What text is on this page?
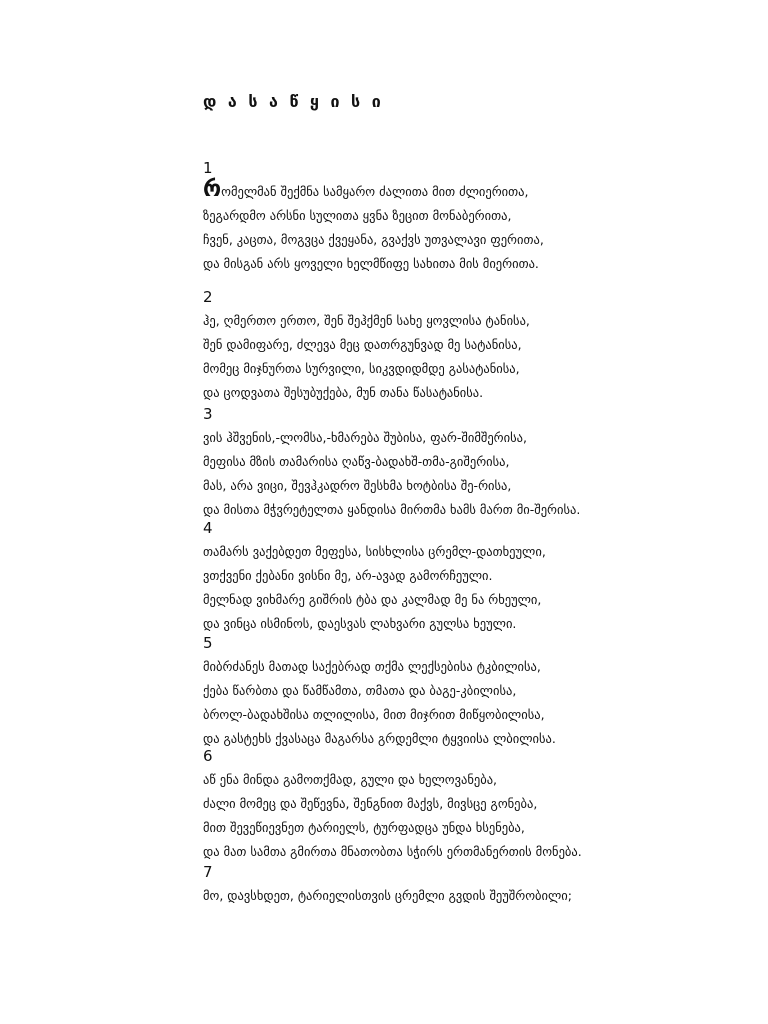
დ ა ს ა წ ყ ი ს ი
1
რომელმან შექმნა სამყარო ძალითა მით ძლიერითა,
ზეგარდმო არსნი სულითა ყვნა ზეცით მონაბერითა,
ჩვენ, კაცთა, მოგვცა ქვეყანა, გვაქვს უთვალავი ფერითა,
და მისგან არს ყოველი ხელმწიფე სახითა მის მიერითა.
2
ჰე, ღმერთო ერთო, შენ შეჰქმენ სახე ყოვლისა ტანისა,
შენ დამიფარე, ძლევა მეც დათრგუნვად მე სატანისა,
მომეც მიჯნურთა სურვილი, სიკვდიდმდე გასატანისა,
და ცოდვათა შესუბუქება, მუნ თანა წასატანისა.
3
ვის ჰშვენის,-ლომსა,-ხმარება შუბისა, ფარ-შიმშერისა,
მეფისა მზის თამარისა ღაწვ-ბადახშ-თმა-გიშერისა,
მას, არა ვიცი, შევჰკადრო შესხმა ხოტბისა შე-რისა,
და მისთა მჭვრეტელთა ყანდისა მირთმა ხამს მართ მი-შერისა.
4
თამარს ვაქებდეთ მეფესა, სისხლისა ცრემლ-დათხეული,
ვთქვენი ქებანი ვისნი მე, არ-ავად გამორჩეული.
მელნად ვიხმარე გიშრის ტბა და კალმად მე ნა რხეული,
და ვინცა ისმინოს, დაესვას ლახვარი გულსა ხეული.
5
მიბრძანეს მათად საქებრად თქმა ლექსებისა ტკბილისა,
ქება წარბთა და წამწამთა, თმათა და ბაგე-კბილისა,
ბროლ-ბადახშისა თლილისა, მით მიჯრით მიწყობილისა,
და გასტეხს ქვასაცა მაგარსა გრდემლი ტყვიისა ლბილისა.
6
აწ ენა მინდა გამოთქმად, გული და ხელოვანება,
ძალი მომეც და შეწევნა, შენგნით მაქვს, მივსცე გონება,
მით შევეწიევნეთ ტარიელს, ტურფადცა უნდა ხსენება,
და მათ სამთა გმირთა მნათობთა სჭირს ერთმანერთის მონება.
7
მო, დავსხდეთ, ტარიელისთვის ცრემლი გვდის შეუშრობილი;
